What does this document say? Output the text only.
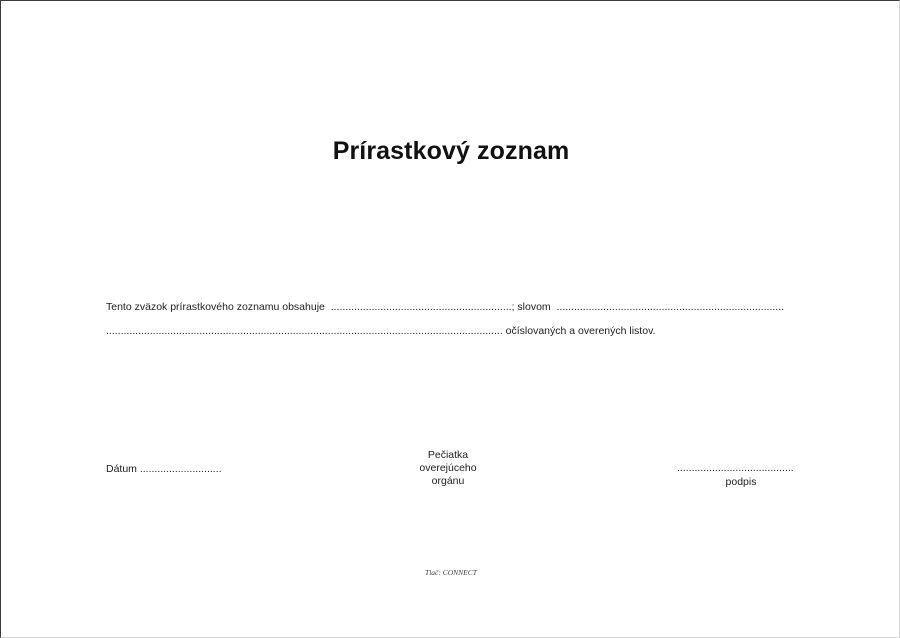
Prírastkový zoznam
Tento zväzok prírastkového zoznamu obsahuje  ..............................................................; slovom  ..............................................................................
........................................................................................................................................ očíslovaných a overených listov.
Dátum ............................
Pečiatka
overejúceho
orgánu
........................................
podpis
Tlač: CONNECT
